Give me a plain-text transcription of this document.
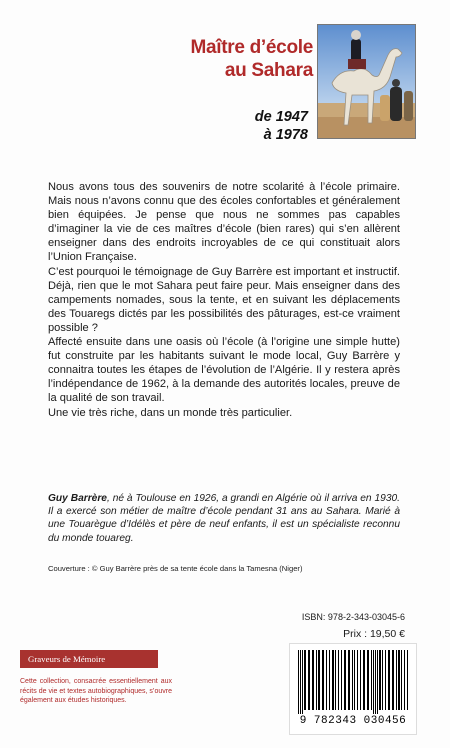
Maître d’école
au Sahara
de 1947
à 1978

Nous avons tous des souvenirs de notre scolarité à l’école primaire. Mais nous n’avons connu que des écoles confortables et généralement bien équipées. Je pense que nous ne sommes pas capables d’imaginer la vie de ces maîtres d’école (bien rares) qui s’en allèrent enseigner dans des endroits incroyables de ce qui constituait alors l’Union Française.

C’est pourquoi le témoignage de Guy Barrère est important et instructif. Déjà, rien que le mot Sahara peut faire peur. Mais enseigner dans des campements nomades, sous la tente, et en suivant les déplacements des Touaregs dictés par les possibilités des pâturages, est-ce vraiment possible ?

Affecté ensuite dans une oasis où l’école (à l’origine une simple hutte) fut construite par les habitants suivant le mode local, Guy Barrère y connaitra toutes les étapes de l’évolution de l’Algérie. Il y restera après l’indépendance de 1962, à la demande des autorités locales, preuve de la qualité de son travail.

Une vie très riche, dans un monde très particulier.

Guy Barrère, né à Toulouse en 1926, a grandi en Algérie où il arriva en 1930. Il a exercé son métier de maître d’école pendant 31 ans au Sahara. Marié à une Touarègue d’Idélès et père de neuf enfants, il est un spécialiste reconnu du monde touareg.
Couverture : © Guy Barrère près de sa tente école dans la Tamesna (Niger)
ISBN: 978-2-343-03045-6
Prix : 19,50 €
Graveurs de Mémoire
Cette collection, consacrée essentiellement aux récits de vie et textes autobiographiques, s’ouvre également aux études historiques.
9 782343 030456
